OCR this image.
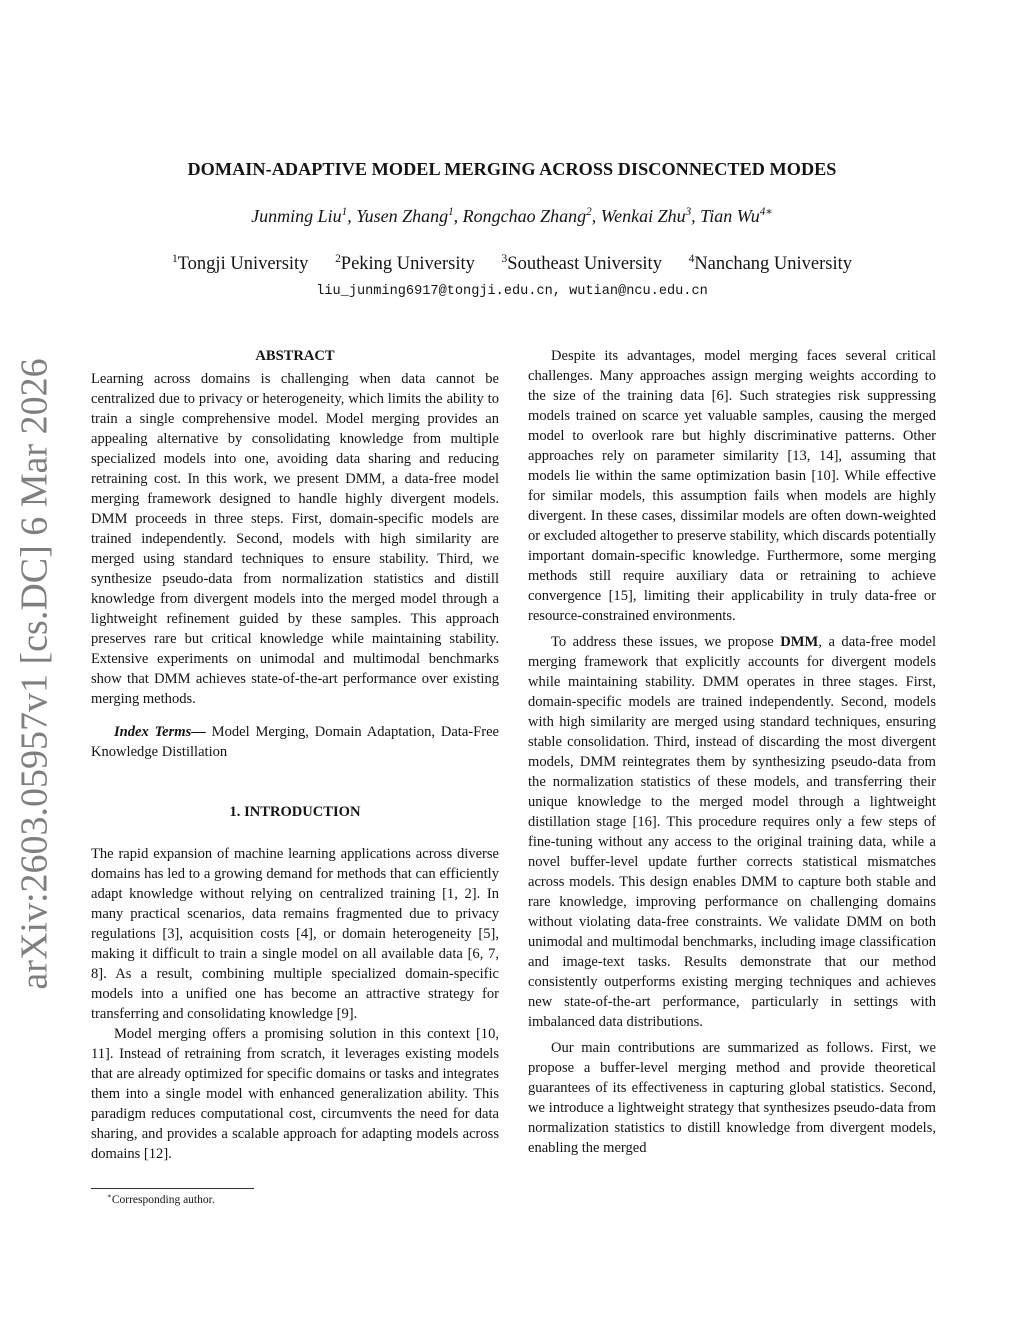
arXiv:2603.05957v1 [cs.DC] 6 Mar 2026
DOMAIN-ADAPTIVE MODEL MERGING ACROSS DISCONNECTED MODES
Junming Liu$^1$, Yusen Zhang$^1$, Rongchao Zhang$^2$, Wenkai Zhu$^3$, Tian $Wu^{4∗}$
$^1$Tongji University $^2$Peking University $^3$Southeast University $^4$Nanchang University
liu_junming6917@tongji.edu.cn, wutian@ncu.edu.cn
ABSTRACT

Learning across domains is challenging when data cannot be centralized due to privacy or heterogeneity, which limits the ability to train a single comprehensive model. Model merging provides an appealing alternative by consolidating knowledge from multiple specialized models into one, avoiding data sharing and reducing retraining cost. In this work, we present DMM, a data-free model merging framework designed to handle highly divergent models. DMM proceeds in three steps. First, domain-specific models are trained independently. Second, models with high similarity are merged using standard techniques to ensure stability. Third, we synthesize pseudo-data from normalization statistics and distill knowledge from divergent models into the merged model through a lightweight refinement guided by these samples. This approach preserves rare but critical knowledge while maintaining stability. Extensive experiments on unimodal and multimodal benchmarks show that DMM achieves state-of-the-art performance over existing merging methods.

Index Terms— Model Merging, Domain Adaptation, Data-Free Knowledge Distillation

1. INTRODUCTION

The rapid expansion of machine learning applications across diverse domains has led to a growing demand for methods that can efficiently adapt knowledge without relying on centralized training [1, 2]. In many practical scenarios, data remains fragmented due to privacy regulations [3], acquisition costs [4], or domain heterogeneity [5], making it difficult to train a single model on all available data [6, 7, 8]. As a result, combining multiple specialized domain-specific models into a unified one has become an attractive strategy for transferring and consolidating knowledge [9].

Model merging offers a promising solution in this context [10, 11]. Instead of retraining from scratch, it leverages existing models that are already optimized for specific domains or tasks and integrates them into a single model with enhanced generalization ability. This paradigm reduces computational cost, circumvents the need for data sharing, and provides a scalable approach for adapting models across domains [12].

Despite its advantages, model merging faces several critical challenges. Many approaches assign merging weights according to the size of the training data [6]. Such strategies risk suppressing models trained on scarce yet valuable samples, causing the merged model to overlook rare but highly discriminative patterns. Other approaches rely on parameter similarity [13, 14], assuming that models lie within the same optimization basin [10]. While effective for similar models, this assumption fails when models are highly divergent. In these cases, dissimilar models are often down-weighted or excluded altogether to preserve stability, which discards potentially important domain-specific knowledge. Furthermore, some merging methods still require auxiliary data or retraining to achieve convergence [15], limiting their applicability in truly data-free or resource-constrained environments.

To address these issues, we propose DMM, a data-free model merging framework that explicitly accounts for divergent models while maintaining stability. DMM operates in three stages. First, domain-specific models are trained independently. Second, models with high similarity are merged using standard techniques, ensuring stable consolidation. Third, instead of discarding the most divergent models, DMM reintegrates them by synthesizing pseudo-data from the normalization statistics of these models, and transferring their unique knowledge to the merged model through a lightweight distillation stage [16]. This procedure requires only a few steps of fine-tuning without any access to the original training data, while a novel buffer-level update further corrects statistical mismatches across models. This design enables DMM to capture both stable and rare knowledge, improving performance on challenging domains without violating data-free constraints. We validate DMM on both unimodal and multimodal benchmarks, including image classification and image-text tasks. Results demonstrate that our method consistently outperforms existing merging techniques and achieves new state-of-the-art performance, particularly in settings with imbalanced data distributions.

Our main contributions are summarized as follows. First, we propose a buffer-level merging method and provide theoretical guarantees of its effectiveness in capturing global statistics. Second, we introduce a lightweight strategy that synthesizes pseudo-data from normalization statistics to distill knowledge from divergent models, enabling the merged

∗Corresponding author.
